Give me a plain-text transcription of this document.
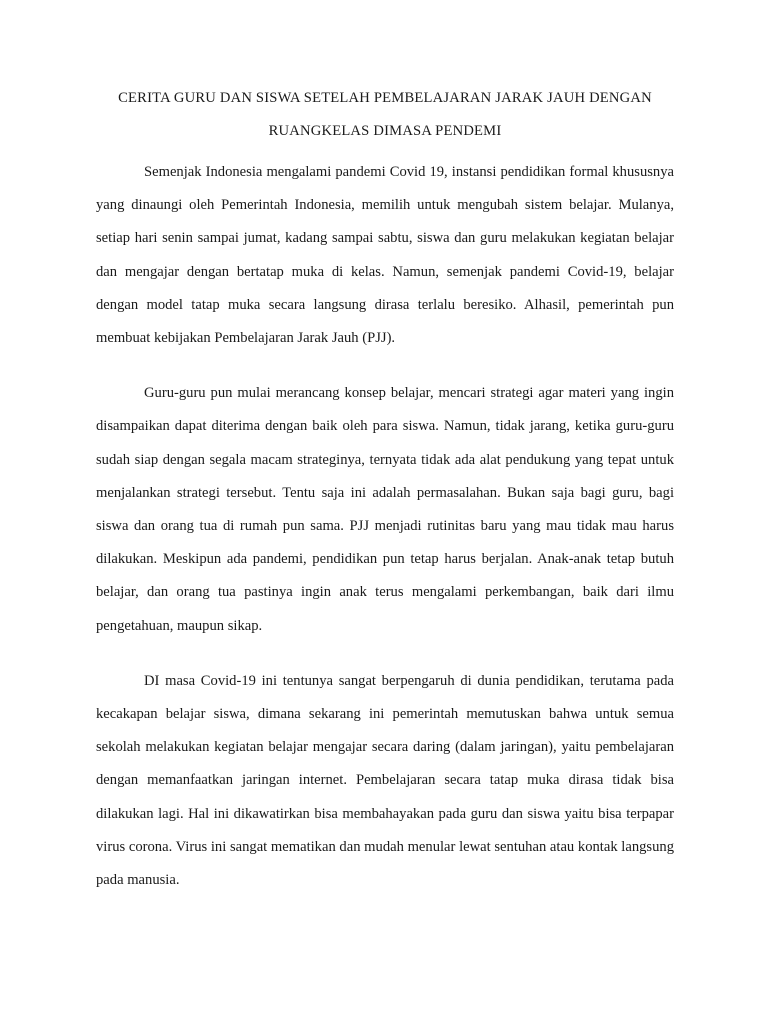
CERITA GURU DAN SISWA SETELAH PEMBELAJARAN JARAK JAUH DENGAN
RUANGKELAS DIMASA PENDEMI

Semenjak Indonesia mengalami pandemi Covid 19, instansi pendidikan formal khususnya yang dinaungi oleh Pemerintah Indonesia, memilih untuk mengubah sistem belajar. Mulanya, setiap hari senin sampai jumat, kadang sampai sabtu, siswa dan guru melakukan kegiatan belajar dan mengajar dengan bertatap muka di kelas. Namun, semenjak pandemi Covid-19, belajar dengan model tatap muka secara langsung dirasa terlalu beresiko. Alhasil, pemerintah pun membuat kebijakan Pembelajaran Jarak Jauh (PJJ).

Guru-guru pun mulai merancang konsep belajar, mencari strategi agar materi yang ingin disampaikan dapat diterima dengan baik oleh para siswa. Namun, tidak jarang, ketika guru-guru sudah siap dengan segala macam strateginya, ternyata tidak ada alat pendukung yang tepat untuk menjalankan strategi tersebut. Tentu saja ini adalah permasalahan. Bukan saja bagi guru, bagi siswa dan orang tua di rumah pun sama. PJJ menjadi rutinitas baru yang mau tidak mau harus dilakukan. Meskipun ada pandemi, pendidikan pun tetap harus berjalan. Anak-anak tetap butuh belajar, dan orang tua pastinya ingin anak terus mengalami perkembangan, baik dari ilmu pengetahuan, maupun sikap.

DI masa Covid-19 ini tentunya sangat berpengaruh di dunia pendidikan, terutama pada kecakapan belajar siswa, dimana sekarang ini pemerintah memutuskan bahwa untuk semua sekolah melakukan kegiatan belajar mengajar secara daring (dalam jaringan), yaitu pembelajaran dengan memanfaatkan jaringan internet. Pembelajaran secara tatap muka dirasa tidak bisa dilakukan lagi. Hal ini dikawatirkan bisa membahayakan pada guru dan siswa yaitu bisa terpapar virus corona. Virus ini sangat mematikan dan mudah menular lewat sentuhan atau kontak langsung pada manusia.
